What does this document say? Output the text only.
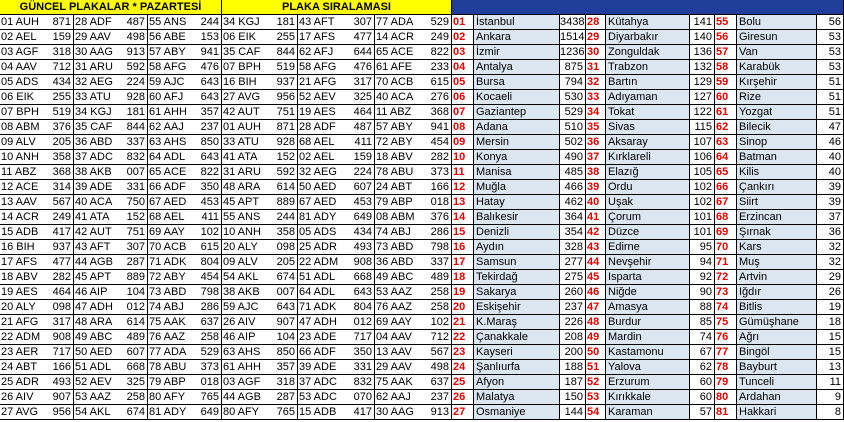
GÜNCEL PLAKALAR * PAZARTESİ	PLAKA SIRALAMASI
01 AUH 871 28 ADF 487 55 ANS 244 34 KGJ 181 43 AFT 307 77 ADA 529 01 İstanbul	3438 28 Kütahya	141 55 Bolu	56
02 AEL 159 29 AAV 498 56 ABE 153 06 EIK 255 17 AFS 477 14 ACR 249 02 Ankara	1514 29 Diyarbakır	140 56 Giresun	53
03 AGF 318 30 AAG 913 57 ABY 941 35 CAF 844 62 AFJ 644 65 ACE 822 03 İzmir	1236 30 Zonguldak	136 57 Van	53
04 AAV 712 31 ARU 592 58 AFG 476 07 BPH 519 58 AFG 476 61 AFE 233 04 Antalya	875 31 Trabzon	132 58 Karabük	53
05 ADS 434 32 AEG 224 59 AJC 643 16 BIH 937 21 AFG 317 70 ACB 615 05 Bursa	794 32 Bartın	129 59 Kırşehir	51
06 EIK 255 33 ATU 928 60 AFJ 643 27 AVG 956 52 AEV 325 40 ACA 276 06 Kocaeli	530 33 Adıyaman	127 60 Rize	51
07 BPH 519 34 KGJ 181 61 AHH 357 42 AUT 751 19 AES 464 11 ABZ 368 07 Gaziantep	529 34 Tokat	122 61 Yozgat	51
08 ABM 376 35 CAF 844 62 AAJ 237 01 AUH 871 28 ADF 487 57 ABY 941 08 Adana	510 35 Sivas	115 62 Bilecik	47
09 ALV 205 36 ABD 337 63 AHS 850 33 ATU 928 68 AEL 411 72 ABY 454 09 Mersin	502 36 Aksaray	107 63 Sinop	46
10 ANH 358 37 ADC 832 64 ADL 643 41 ATA 152 02 AEL 159 18 ABV 282 10 Konya	490 37 Kırklareli	106 64 Batman	40
11 ABZ 368 38 AKB 007 65 ACE 822 31 ARU 592 32 AEG 224 78 ABU 373 11	Manisa	485 38 Elazığ	105 65 Kilis	40
12 ACE 314 39 ADE 331 66 ADF 350 48 ARA 614 50 AED 607 24 ABT 166 12 Muğla	466 39 Ordu	102 66 Çankırı	39
13 AAV 567 40 ACA 750 67 AED 453 45 APT 889 67 AED 453 79 ABP 018 13 Hatay	462 40 Uşak	102 67 Siirt	39
14 ACR 249 41 ATA 152 68 AEL 411 55 ANS 244 81 ADY 649 08 ABM 376 14 Balıkesir	364 41 Çorum	101 68 Erzincan	37
15 ADB 417 42 AUT 751 69 AAY 102 10 ANH 358 05 ADS 434 74 ABJ 286 15 Denizli	354 42 Düzce	101 69 Şırnak	36
16 BIH 937 43 AFT 307 70 ACB 615 20 ALY 098 25 ADR 493 73 ABD 798 16 Aydın	328 43 Edirne	95 70 Kars	32
17 AFS 477 44 AGB 287 71 ADK 804 09 ALV 205 22 ADM 908 36 ABD 337 17 Samsun	277 44 Nevşehir	94 71 Muş	32
18 ABV 282 45 APT 889 72 ABY 454 54 AKL 674 51 ADL 668 49 ABC 489 18 Tekirdağ	275 45 Isparta	92 72 Artvin	29
19 AES 464 46 AIP 104 73 ABD 798 38 AKB 007 64 ADL 643 53 AAZ 258 19 Sakarya	260 46 Niğde	90 73 Iğdır	26
20 ALY 098 47 ADH 012 74 ABJ 286 59 AJC 643 71 ADK 804 76 AAZ 258 20 Eskişehir	237 47 Amasya	88 74 Bitlis	19
21 AFG 317 48 ARA 614 75 AAK 637 26 AIV 907 47 ADH 012 69 AAY 102 21 K.Maraş	226 48 Burdur	85 75 Gümüşhane	18
22 ADM 908 49 ABC 489 76 AAZ 258 46 AIP 104 23 ADE 717 04 AAV 712 22 Çanakkale	208 49 Mardin	74 76 Ağrı	15
23 AER 717 50 AED 607 77 ADA 529 63 AHS 850 66 ADF 350 13 AAV 567 23 Kayseri	200 50 Kastamonu	67 77 Bingöl	15
24 ABT 166 51 ADL 668 78 ABU 373 61 AHH 357 39 ADE 331 29 AAV 498 24 Şanlıurfa	188 51 Yalova	62 78 Bayburt	13
25 ADR 493 52 AEV 325 79 ABP 018 03 AGF 318 37 ADC 832 75 AAK 637 25 Afyon	187 52 Erzurum	60 79 Tunceli	11
26 AIV 907 53 AAZ 258 80 AFY 765 44 AGB 287 53 ADC 070 62 AAJ 237 26 Malatya	150 53 Kırıkkale	60 80 Ardahan	9
27 AVG 956 54 AKL 674 81 ADY 649 80 AFY 765 15 ADB 417 30 AAG 913 27 Osmaniye	144 54 Karaman	57 81 Hakkari	8
